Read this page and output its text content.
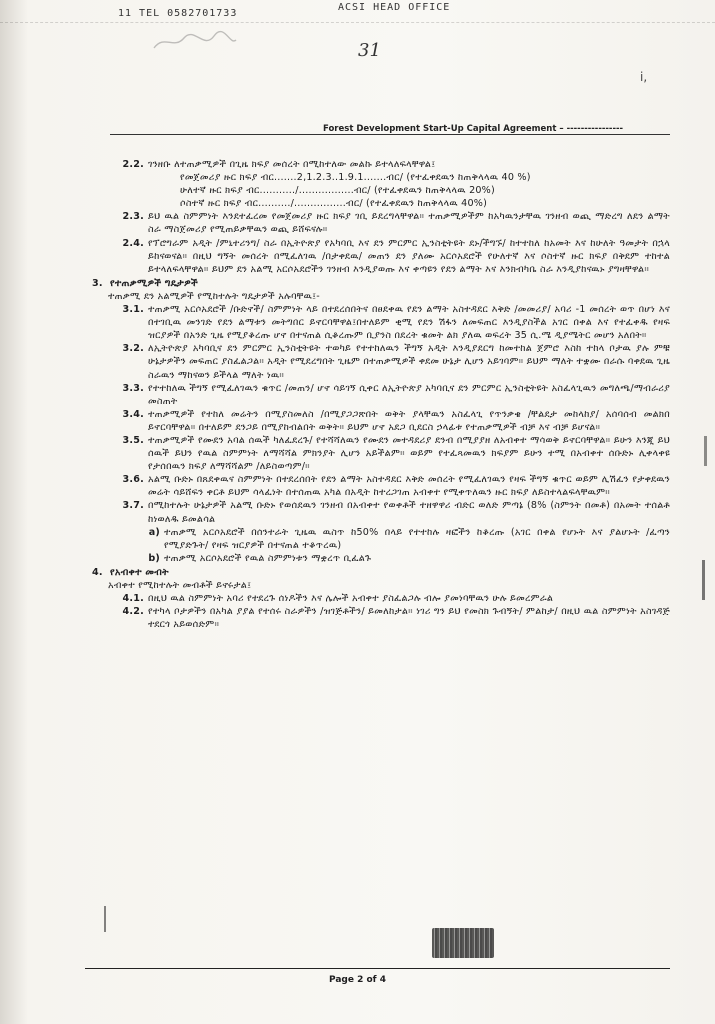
11 TEL 0582701733
ACSI HEAD OFFICE
31
i,
Forest Development Start-Up Capital Agreement – ----------------
2.2. ገንዘቡ ለተጠቃሚዎች በጊዜ ክፍያ መሰረት በሚከተለው መልኩ ይተላለፍላቸዋል፤
የመጀመሪያ ዙር ክፍያ ብር.......2,1.2.3..1.9.1.......ብር/ (የተፈቀደዉን ከጠቅላላዉ 40 %)
ሁለተኛ ዙር ክፍያ ብር.........../.................ብር/ (የተፈቀደዉን ከጠቅላላዉ 20%)
ሶስተኛ ዙር ክፍያ ብር........../................ብር/ (የተፈቀደዉን ከጠቅላላዉ 40%)
2.3. ይህ ዉል ስምምነት እንደተፈረመ የመጀመሪያ ዙር ክፍያ ገቢ ይደረግላቸዋል። ተጠቃሚዎችም ከአካዉንታቸዉ ገንዘብ ወጪ ማድረግ ለደን ልማት ስራ ማስጀመሪያ የሚጠይቃቸዉን ወጪ ይሸፍናሉ።
2.4. የፕሮግራም አዲት /ምኒተሪንግ/ ስራ በኢትዮጵያ የአካባቢ እና ደን ምርምር ኢንስቲትዩት ደኑ/ችግኙ/ ከተተከለ ከአመት እና ከሁለት ዓመታት በኋላ ይከናወናል። በዚህ ግኝት መሰረት በሚፈለገዉ /በታቀደዉ/ መጠን ደን ያለሙ አርሶአደሮች የሁለተኛ እና ሶስተኛ ዙር ክፍያ በቅደም ተከተል ይተላለፍላቸዋል። ይህም ደን አልሚ አርሶአደሮችን ገንዘብ እንዲያወጡ እና ቀጣዩን የደን ልማት እና እንክብካቤ ስራ እንዲያከናዉኑ ያግዛቸዋል።
3. የተጠቃሚዎች ግዴታዎች
ተጠቃሚ ደን አልሚዎች የሚከተሉት ግዴታዎች አሉባቸዉ፤-
3.1. ተጠቃሚ አርሶአደሮች /ቡድኖች/ ስምምነት ላይ በተደረሰበትና በፀደቀዉ የደን ልማት አስተዳደር እቅድ /መመሪያ/ አባሪ -1 መሰረት ወጥ በሆነ እና በተገቢዉ መንገድ የደን ልማቱን መትግበር ይኖርባቸዋል፤በተለይም ቂሚ የደን ሽፋን ለመፍጠር እንዲያስችል አገር በቀል እና የተፈቀዱ የዛፍ ዝርያዎች በአንድ ጊዜ የሚያቆረጡ ሆኖ በተናጠል ሲቆረጡም ቢያንስ በደረት ቁመት ልክ ያለዉ ወፍረት 35 ሲ.ሜ ዲያሜትር መሆን አለበት።
3.2. ለኢትዮጵያ አካባቢና ደን ምርምር ኢንስቲትዩት ተወካይ የተተከለዉን ችግኝ አዲት እንዲያደርግ ከመተከል ጀምሮ እስከ ተከላ ቦታዉ ያሉ ምቹ ሁኔታዎችን መፍጠር ያስፈልጋል። አዲት የሚደረግበት ጊዜም በተጠቃሚዎች ቀደመ ሁኔታ ሊሆን አይገባም። ይህም ማለት ተቋሙ በራሱ ባቀደዉ ጊዜ ስራዉን ማከናወን ይችላል ማለት ነዉ።
3.3. የተተከለዉ ችግኝ የሚፈለገዉን ቁጥር /መጠን/ ሆኖ ሳይገኝ ሲቀር ለኢትዮጵያ አካባቢና ደን ምርምር ኢንስቲትዩት አስፈላጊዉን መግለጫ/ማብራሪያ መስጠት
3.4. ተጠቃሚዎች የተከለ መሬትን በሚያስመለስ /በሚያጋጋጽበት ወቅት ያላቸዉን አስፈላጊ የጥንቃቄ /ቸልደታ መከላከያ/ አሰባሰብ መልክበ ይኖርባቸዋል። በተለይም ደንጋይ በሚያከብልበት ወቅት። ይህም ሆኖ አደጋ ቢደርስ ኃላፊቱ የተጠቃሚዎች ብቻ እና ብቻ ይሆናል።
3.5. ተጠቃሚዎች የሙደን አባል ሰዉች ካለፈደረጉ/ የተሻሻለዉን የሙደን መተዳደሪያ ደንብ በሚያያዘ ለአብቀተ ማሳወቅ ይኖርባቸዋል። ይሁን እንጂ ይህ ሰዉች ይህን የዉል ስምምነት ለማሻሻል ምክንያት ሊሆን አይችልም። ወይም የተፈጻመዉን ክፍያም ይሁን ተሚ በአብቀተ ሰቡድኑ ሊቀላቀዩ የታሰበዉን ክፍያ ለማሻሻልም /ለይስወጣም/።
3.6. አልሚ ቡድኑ በጸደቀዉና ስምምነት በተደረሰበት የደን ልማት አስተዳደር እቅድ መሰረት የሚፈለገዉን የዛፍ ችግኝ ቁጥር ወይም ሊሽፈን የታቀደዉን መሬት ሳይሸፍን ቀርቶ ይህም ሳላፈነት በተሰጠዉ አካል በአዲት ከተረጋገጠ አብቀተ የሚቀጥለዉን ዙር ክፍያ ለይስተላልፍላቸዉም።
3.7. በሚከተሉት ሁኔታዎች አልሚ ቡድኑ የወሰደዉን ገንዘብ በአብቀተ የወቀቶች ተዘዋዋሪ ብድር ወለድ ምጣኔ (8% (ስምንት በመቶ) በአመት ተሰልቶ ከነወለዱ ይመልሳል
a) ተጠቃሚ አርሶአደሮች በሰንተራት ጊዜዉ ዉስጥ ከ50% በላይ የተተከሉ ዛፎችን ከቆረጡ (አገር በቀል የሆኑት እና ያልሆኑት /ፈጣን የሚያድጉት/ የዛፍ ዝርያዎች በተናጠል ተቆጥረዉ)
b) ተጠቃሚ አርሶአደሮች የዉል ስምምነቱን ማቋረጥ ቢፈልጉ
4. የአብቀተ መብት
አብቀተ የሚከተሉት መብቶች ይኖሩታል፤
4.1. በዚህ ዉል ስምምነት አባሪ የተደረጉ ሰነዶችን እና ሌሎች አብቀተ ያስፈልጋሉ ብሎ ያመነባቸዉን ሁሉ ይመረምራል
4.2. የተካላ ቦታዎችን በአካል ያያል የተሰሩ ስራዎችን /ዝገጅቶችን/ ይመለከታል። ነገሪ ግን ይህ የመስክ ጉብኝት/ ምልከታ/ በዚህ ዉል ስምምነት አስገዳጅ ተደርጎ አይወሰድም።
Page 2 of 4
